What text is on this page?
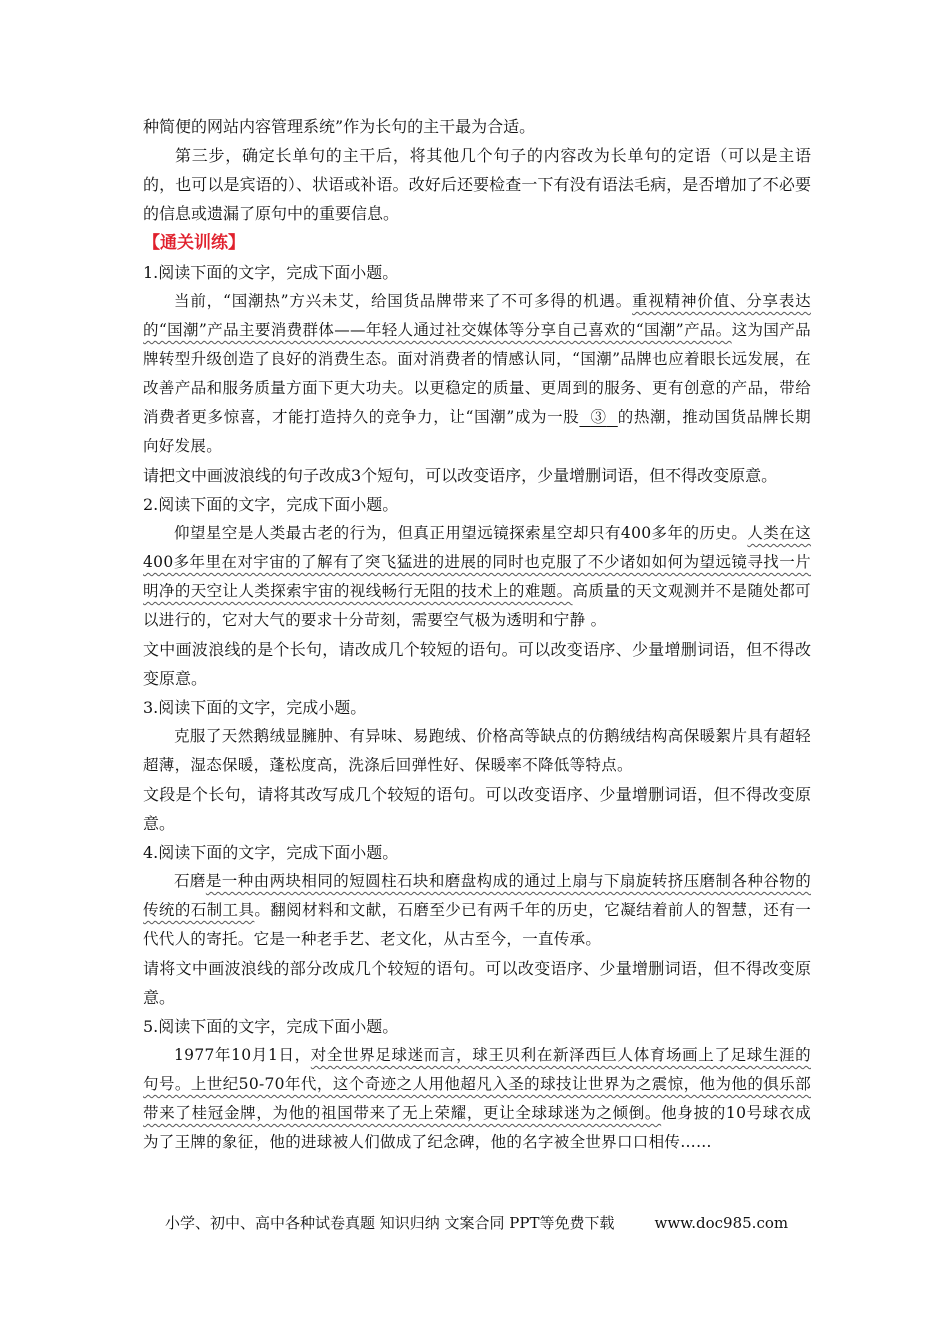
种简便的网站内容管理系统”作为长句的主干最为合适。

第三步，确定长单句的主干后，将其他几个句子的内容改为长单句的定语（可以是主语的，也可以是宾语的）、状语或补语。改好后还要检查一下有没有语法毛病，是否增加了不必要的信息或遗漏了原句中的重要信息。

【通关训练】

1.阅读下面的文字，完成下面小题。

当前，“国潮热”方兴未艾，给国货品牌带来了不可多得的机遇。重视精神价值、分享表达的“国潮”产品主要消费群体——年轻人通过社交媒体等分享自己喜欢的“国潮”产品。这为国产品牌转型升级创造了良好的消费生态。面对消费者的情感认同，“国潮”品牌也应着眼长远发展，在改善产品和服务质量方面下更大功夫。以更稳定的质量、更周到的服务、更有创意的产品，带给消费者更多惊喜，才能打造持久的竞争力，让“国潮”成为一股 ③ 的热潮，推动国货品牌长期向好发展。

请把文中画波浪线的句子改成3个短句，可以改变语序，少量增删词语，但不得改变原意。

2.阅读下面的文字，完成下面小题。

仰望星空是人类最古老的行为，但真正用望远镜探索星空却只有400多年的历史。人类在这400多年里在对宇宙的了解有了突飞猛进的进展的同时也克服了不少诸如如何为望远镜寻找一片明净的天空让人类探索宇宙的视线畅行无阻的技术上的难题。高质量的天文观测并不是随处都可以进行的，它对大气的要求十分苛刻，需要空气极为透明和宁静 。

文中画波浪线的是个长句，请改成几个较短的语句。可以改变语序、少量增删词语，但不得改变原意。

3.阅读下面的文字，完成小题。

克服了天然鹅绒显臃肿、有异味、易跑绒、价格高等缺点的仿鹅绒结构高保暖絮片具有超轻超薄，湿态保暖，蓬松度高，洗涤后回弹性好、保暖率不降低等特点。

文段是个长句，请将其改写成几个较短的语句。可以改变语序、少量增删词语，但不得改变原意。

4.阅读下面的文字，完成下面小题。

石磨是一种由两块相同的短圆柱石块和磨盘构成的通过上扇与下扇旋转挤压磨制各种谷物的传统的石制工具。翻阅材料和文献，石磨至少已有两千年的历史，它凝结着前人的智慧，还有一代代人的寄托。它是一种老手艺、老文化，从古至今，一直传承。

请将文中画波浪线的部分改成几个较短的语句。可以改变语序、少量增删词语，但不得改变原意。

5.阅读下面的文字，完成下面小题。

1977年10月1日，对全世界足球迷而言，球王贝利在新泽西巨人体育场画上了足球生涯的句号。上世纪50-70年代，这个奇迹之人用他超凡入圣的球技让世界为之震惊，他为他的俱乐部带来了桂冠金牌，为他的祖国带来了无上荣耀，更让全球球迷为之倾倒。他身披的10号球衣成为了王牌的象征，他的进球被人们做成了纪念碑，他的名字被全世界口口相传……

小学、初中、高中各种试卷真题 知识归纳 文案合同 PPT等免费下载	www.doc985.com
